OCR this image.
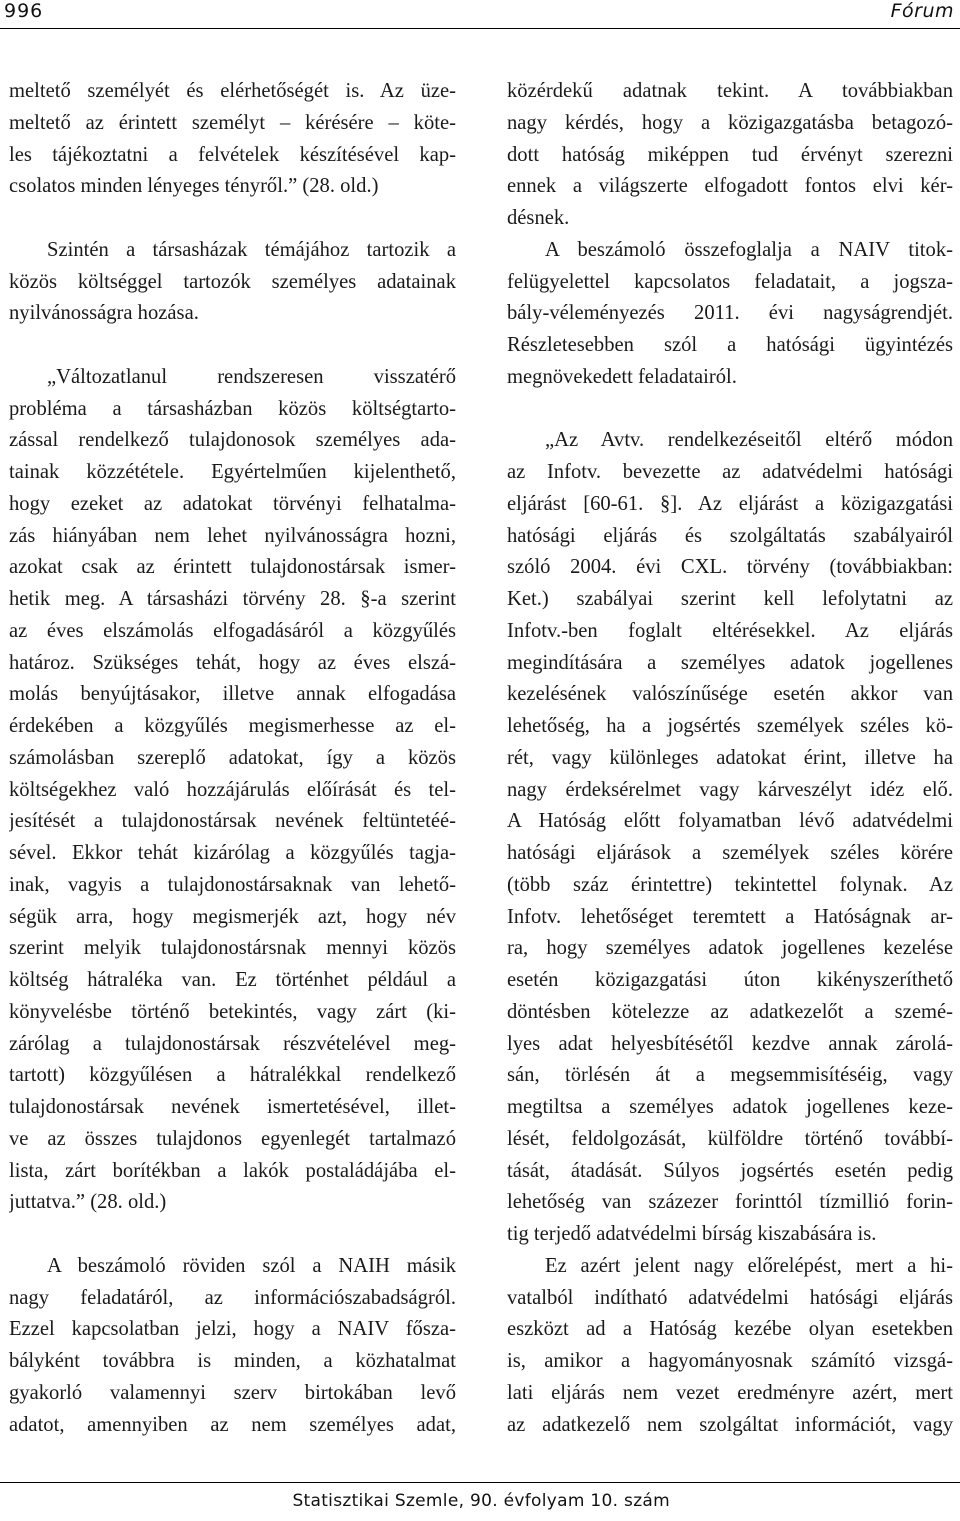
996	Fórum
meltető személyét és elérhetőségét is. Az üze-
meltető az érintett személyt – kérésére – köte-
les tájékoztatni a felvételek készítésével kap-
csolatos minden lényeges tényről.” (28. old.)
Szintén a társasházak témájához tartozik a
közös költséggel tartozók személyes adatainak
nyilvánosságra hozása.
„Változatlanul rendszeresen visszatérő
probléma a társasházban közös költségtarto-
zással rendelkező tulajdonosok személyes ada-
tainak közzététele. Egyértelműen kijelenthető,
hogy ezeket az adatokat törvényi felhatalma-
zás hiányában nem lehet nyilvánosságra hozni,
azokat csak az érintett tulajdonostársak ismer-
hetik meg. A társasházi törvény 28. §-a szerint
az éves elszámolás elfogadásáról a közgyűlés
határoz. Szükséges tehát, hogy az éves elszá-
molás benyújtásakor, illetve annak elfogadása
érdekében a közgyűlés megismerhesse az el-
számolásban szereplő adatokat, így a közös
költségekhez való hozzájárulás előírását és tel-
jesítését a tulajdonostársak nevének feltüntetéé-
sével. Ekkor tehát kizárólag a közgyűlés tagja-
inak, vagyis a tulajdonostársaknak van lehető-
ségük arra, hogy megismerjék azt, hogy név
szerint melyik tulajdonostársnak mennyi közös
költség hátraléka van. Ez történhet például a
könyvelésbe történő betekintés, vagy zárt (ki-
zárólag a tulajdonostársak részvételével meg-
tartott) közgyűlésen a hátralékkal rendelkező
tulajdonostársak nevének ismertetésével, illet-
ve az összes tulajdonos egyenlegét tartalmazó
lista, zárt borítékban a lakók postaládájába el-
juttatva.” (28. old.)
A beszámoló röviden szól a NAIH másik
nagy feladatáról, az információszabadságról.
Ezzel kapcsolatban jelzi, hogy a NAIV fősza-
bályként továbbra is minden, a közhatalmat
gyakorló valamennyi szerv birtokában levő
adatot, amennyiben az nem személyes adat,
közérdekű adatnak tekint. A továbbiakban
nagy kérdés, hogy a közigazgatásba betagozó-
dott hatóság miképpen tud érvényt szerezni
ennek a világszerte elfogadott fontos elvi kér-
désnek.
A beszámoló összefoglalja a NAIV titok-
felügyelettel kapcsolatos feladatait, a jogsza-
bály-véleményezés 2011. évi nagyságrendjét.
Részletesebben szól a hatósági ügyintézés
megnövekedett feladatairól.
„Az Avtv. rendelkezéseitől eltérő módon
az Infotv. bevezette az adatvédelmi hatósági
eljárást [60-61. §]. Az eljárást a közigazgatási
hatósági eljárás és szolgáltatás szabályairól
szóló 2004. évi CXL. törvény (továbbiakban:
Ket.) szabályai szerint kell lefolytatni az
Infotv.-ben foglalt eltérésekkel. Az eljárás
megindítására a személyes adatok jogellenes
kezelésének valószínűsége esetén akkor van
lehetőség, ha a jogsértés személyek széles kö-
rét, vagy különleges adatokat érint, illetve ha
nagy érdeksérelmet vagy kárveszélyt idéz elő.
A Hatóság előtt folyamatban lévő adatvédelmi
hatósági eljárások a személyek széles körére
(több száz érintettre) tekintettel folynak. Az
Infotv. lehetőséget teremtett a Hatóságnak ar-
ra, hogy személyes adatok jogellenes kezelése
esetén közigazgatási úton kikényszeríthető
döntésben kötelezze az adatkezelőt a szemé-
lyes adat helyesbítésétől kezdve annak zárolá-
sán, törlésén át a megsemmisítéséig, vagy
megtiltsa a személyes adatok jogellenes keze-
lését, feldolgozását, külföldre történő továbbí-
tását, átadását. Súlyos jogsértés esetén pedig
lehetőség van százezer forinttól tízmillió forin-
tig terjedő adatvédelmi bírság kiszabására is.
Ez azért jelent nagy előrelépést, mert a hi-
vatalból indítható adatvédelmi hatósági eljárás
eszközt ad a Hatóság kezébe olyan esetekben
is, amikor a hagyományosnak számító vizsgá-
lati eljárás nem vezet eredményre azért, mert
az adatkezelő nem szolgáltat információt, vagy
Statisztikai Szemle, 90. évfolyam 10. szám
